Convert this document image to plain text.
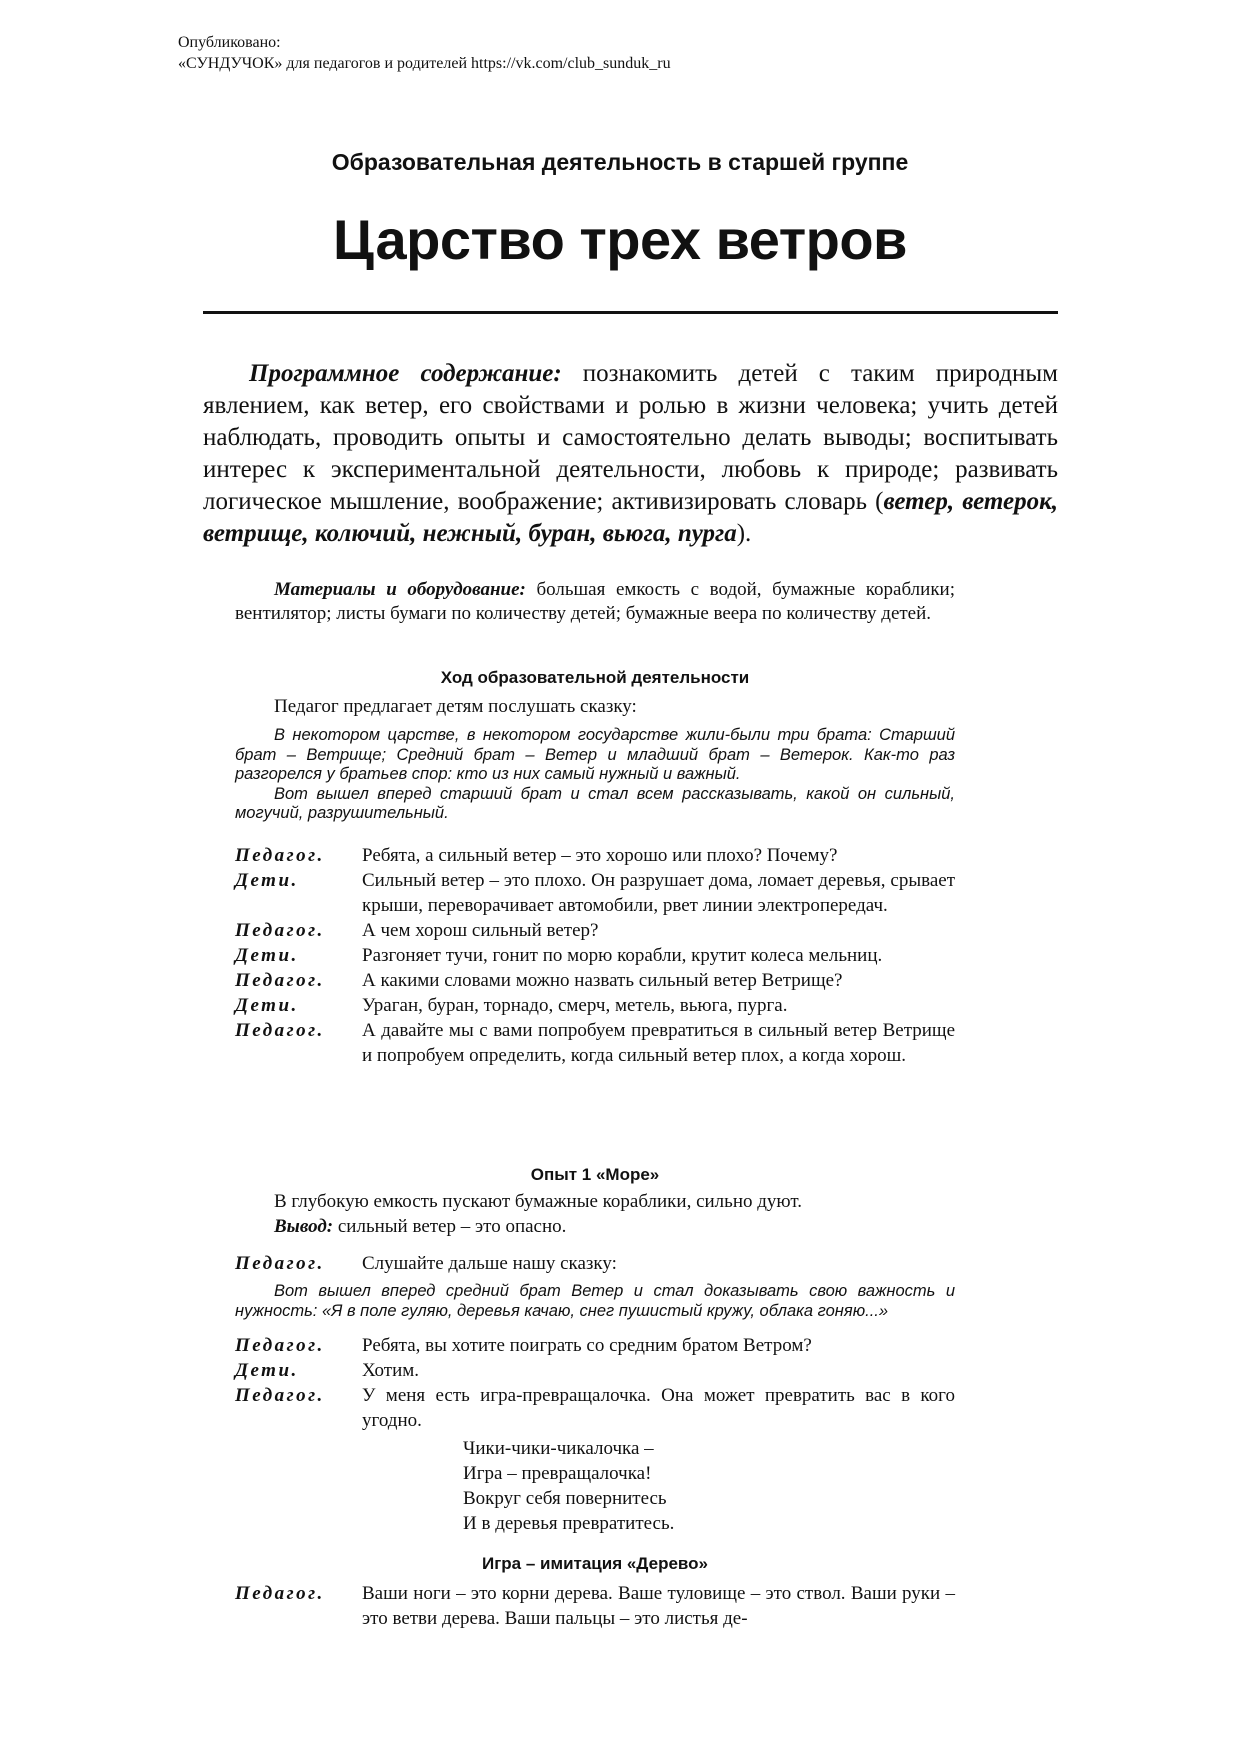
Опубликовано:
«СУНДУЧОК» для педагогов и родителей https://vk.com/club_sunduk_ru
Образовательная деятельность в старшей группе
Царство трех ветров
Программное содержание: познакомить детей с таким природным явлением, как ветер, его свойствами и ролью в жизни человека; учить детей наблюдать, проводить опыты и самостоятельно делать выводы; воспитывать интерес к экспериментальной деятельности, любовь к природе; развивать логическое мышление, воображение; активизировать словарь (ветер, ветерок, ветрище, колючий, нежный, буран, вьюга, пурга).
Материалы и оборудование: большая емкость с водой, бумажные кораблики; вентилятор; листы бумаги по количеству детей; бумажные веера по количеству детей.
Ход образовательной деятельности
Педагог предлагает детям послушать сказку:

В некотором царстве, в некотором государстве жили-были три брата: Старший брат – Ветрище; Средний брат – Ветер и младший брат – Ветерок. Как-то раз разгорелся у братьев спор: кто из них самый нужный и важный.

Вот вышел вперед старший брат и стал всем рассказывать, какой он сильный, могучий, разрушительный.

Педагог.	Ребята, а сильный ветер – это хорошо или плохо? Почему?
Дети.	Сильный ветер – это плохо. Он разрушает дома, ломает деревья, срывает крыши, переворачивает автомобили, рвет линии электропередач.
Педагог.	А чем хорош сильный ветер?
Дети.	Разгоняет тучи, гонит по морю корабли, крутит колеса мельниц.
Педагог.	А какими словами можно назвать сильный ветер Ветрище?
Дети.	Ураган, буран, торнадо, смерч, метель, вьюга, пурга.
Педагог.	А давайте мы с вами попробуем превратиться в сильный ветер Ветрище и попробуем определить, когда сильный ветер плох, а когда хорош.
Опыт 1 «Море»
В глубокую емкость пускают бумажные кораблики, сильно дуют.
Вывод: сильный ветер – это опасно.
Педагог.	Слушайте дальше нашу сказку:

Вот вышел вперед средний брат Ветер и стал доказывать свою важность и нужность: «Я в поле гуляю, деревья качаю, снег пушистый кружу, облака гоняю...»

Педагог.	Ребята, вы хотите поиграть со средним братом Ветром?
Дети.	Хотим.
Педагог.	У меня есть игра-превращалочка. Она может превратить вас в кого угодно.
Чики-чики-чикалочка –
Игра – превращалочка!
Вокруг себя повернитесь
И в деревья превратитесь.
Игра – имитация «Дерево»
Педагог.	Ваши ноги – это корни дерева. Ваше туловище – это ствол. Ваши руки – это ветви дерева. Ваши пальцы – это листья де-
